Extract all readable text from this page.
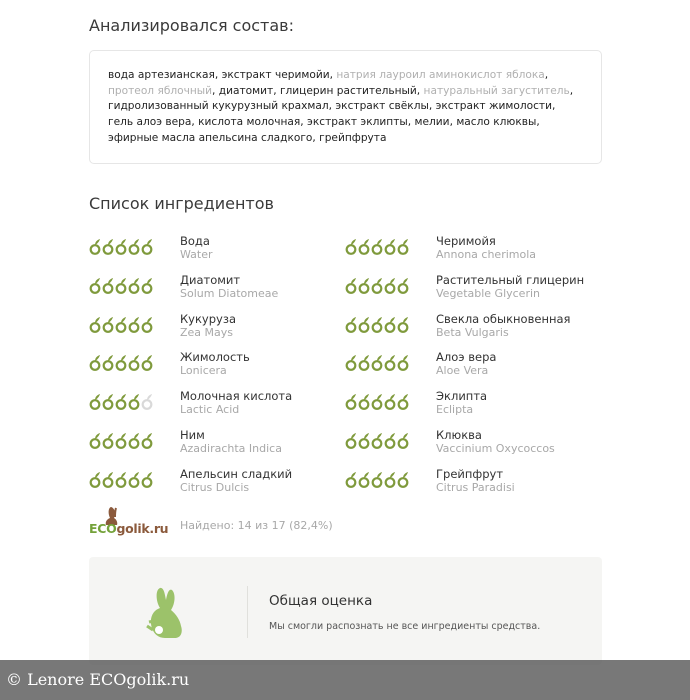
Анализировался состав:
вода артезианская, экстракт черимойи, натрия лауроил аминокислот яблока, протеол яблочный, диатомит, глицерин растительный, натуральный загуститель, гидролизованный кукурузный крахмал, экстракт свёклы, экстракт жимолости, гель алоэ вера, кислота молочная, экстракт эклипты, мелии, масло клюквы, эфирные масла апельсина сладкого, грейпфрута
Список ингредиентов
Вода
Water
Черимойя
Annona cherimola
Диатомит
Solum Diatomeae
Растительный глицерин
Vegetable Glycerin
Кукуруза
Zea Mays
Свекла обыкновенная
Beta Vulgaris
Жимолость
Lonicera
Алоэ вера
Aloe Vera
Молочная кислота
Lactic Acid
Эклипта
Eclipta
Ним
Azadirachta Indica
Клюква
Vaccinium Oxycoccos
Апельсин сладкий
Citrus Dulcis
Грейпфрут
Citrus Paradisi
ECOgolik.ru Найдено: 14 из 17 (82,4%)
Общая оценка
Мы смогли распознать не все ингредиенты средства.
© Lenore ECOgolik.ru
